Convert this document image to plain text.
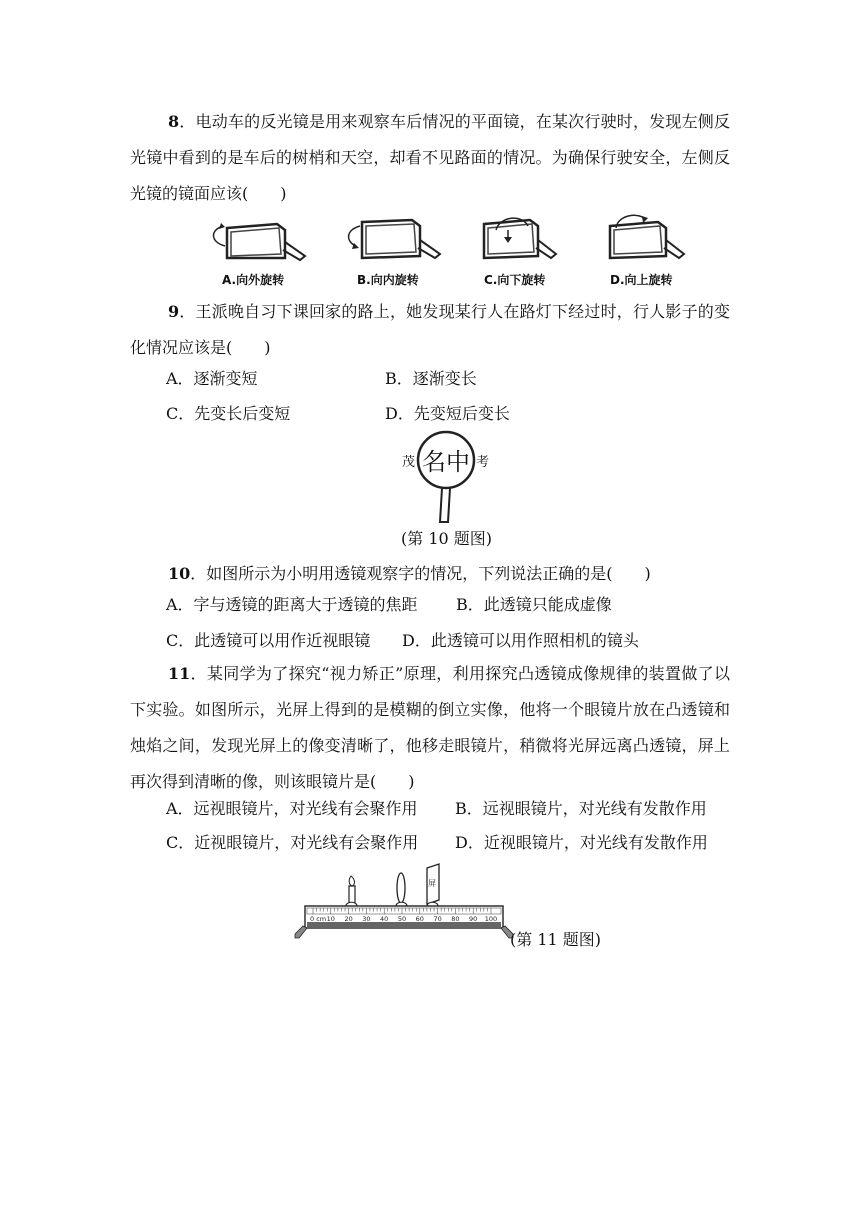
8．电动车的反光镜是用来观察车后情况的平面镜，在某次行驶时，发现左侧反光镜中看到的是车后的树梢和天空，却看不见路面的情况。为确保行驶安全，左侧反光镜的镜面应该(　　)
A.向外旋转	B.向内旋转	C.向下旋转	D.向上旋转
9．王派晚自习下课回家的路上，她发现某行人在路灯下经过时，行人影子的变化情况应该是(　　)
A．逐渐变短	B．逐渐变长
C．先变长后变短	D．先变短后变长
茂 名 中 考
(第 10 题图)
10．如图所示为小明用透镜观察字的情况，下列说法正确的是(　　)
A．字与透镜的距离大于透镜的焦距 B．此透镜只能成虚像
C．此透镜可以用作近视眼镜 D．此透镜可以用作照相机的镜头
11．某同学为了探究“视力矫正”原理，利用探究凸透镜成像规律的装置做了以下实验。如图所示，光屏上得到的是模糊的倒立实像，他将一个眼镜片放在凸透镜和烛焰之间，发现光屏上的像变清晰了，他移走眼镜片，稍微将光屏远离凸透镜，屏上再次得到清晰的像，则该眼镜片是(　　)
A．远视眼镜片，对光线有会聚作用 B．远视眼镜片，对光线有发散作用
C．近视眼镜片，对光线有会聚作用 D．近视眼镜片，对光线有发散作用
屏
0 cm 10 20 30 40 50 60 70 80 90 100
(第 11 题图)
